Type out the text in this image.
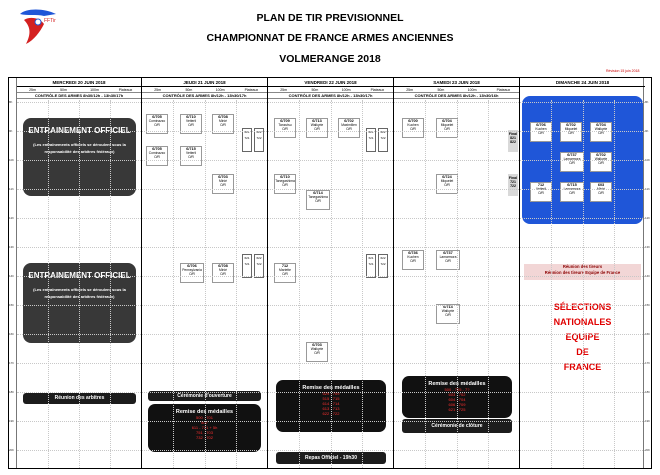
FFTir	PLAN DE TIR PREVISIONNEL
CHAMPIONNAT DE FRANCE ARMES ANCIENNES
VOLMERANGE 2018
Révision 15 juin 2018
8h
9h
10h
11h
12h
13h
14h
15h
16h
17h
18h
19h
20h
8h
9h
10h
11h
12h
13h
14h
15h
16h
17h
18h
19h
20h
MERCREDI 20 JUIN 2018
25m	50m	100m	Plateaux
CONTRÔLE DES ARMES 8h30/12h - 13h30/17h
ENTRAINEMENT OFFICIEL
(Les entraînements officiels se déroulent sous la responsabilité des arbitres fédéraux)
ENTRAINEMENT OFFICIEL
(Les entraînements officiels se déroulent sous la responsabilité des arbitres fédéraux)
Réunion des arbitres
JEUDI 21 JUIN 2018
25m	50m	100m	Plateaux
CONTRÔLE DES ARMES 8h/12h - 13h30/17h
6/705
Cominazzo
O/R
6/710
Vetterli
O/R
6/708
Minié
O/R
6/705
Cominazzo
O/R
6/715
Vetterli
O/R
6/703
Minié
O/R
6/706
Pennsylvania
O/R
6/708
Minié
O/R
621
721
622
722
621
721
622
722
Cérémonie d'ouverture
Remise des médailles
500 - 701
507
611 - 721 + 5h
751 - 703
732 - 702
VENDREDI 22 JUIN 2018
25m	50m	100m	Plateaux
CONTRÔLE DES ARMES 8h/12h - 13h30/17h
6/709
Tanzutsu
O/R
6/713
Walkyrie
O/R
6/702
Maximilien
O/R
6/710
Tanegashima
O/R
6/714
Tanegashima
O/R
712
Mariette
O/R
6/703
Walkyrie
O/R
621
721
622
722
621
721
622
722
Remise des médailles
529 - 709
515 - 715
614 - 714
613 - 713
622 - 722
Repas Officiel - 19h30
SAMEDI 23 JUIN 2018
25m	50m	100m	Plateaux
CONTRÔLE DES ARMES 8h/12h - 13h30/16h
6/700
Kuchen
O/R
6/704
Miquelet
O/R
6/736
Kuchen
O/R
6/724
Miquelet
O/R
6/737
Lamarmora
O/R
6/714
Walkyrie
O/R
Final 821 822
Final 721 722
Remise des médailles
500 - 705 - 7?
603 - 702
604 - 704
606 - 709
621 - 725
Cérémonie de clôture
DIMANCHE 24 JUIN 2018
6/706
Kuchen
O/R
6/702
Miquelet
O/R
6/704
Walkyrie
O/R
6/737
Lamarmora
O/R
6/702
Walkyrie
O/R
712
Vetterli
O/R
6/715
Lamarmora
O/R
603
Minié
O/R
Réunion des tireurs
Réunion des tireurs Equipe de France
SÉLECTIONS
NATIONALES
EQUIPE
DE
FRANCE
